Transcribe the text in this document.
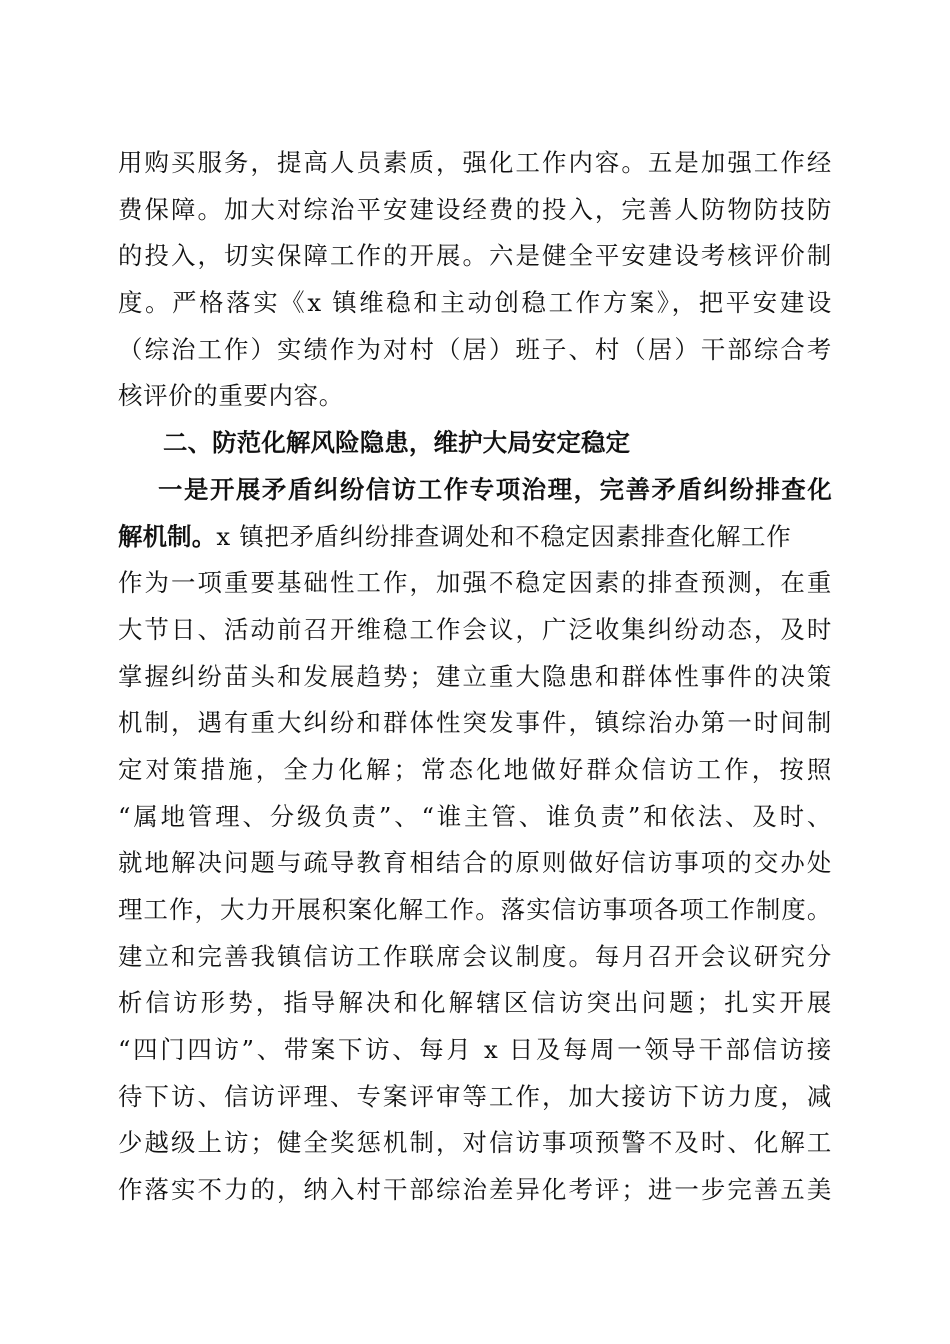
用购买服务，提高人员素质，强化工作内容。五是加强工作经
费保障。加大对综治平安建设经费的投入，完善人防物防技防
的投入，切实保障工作的开展。六是健全平安建设考核评价制
度。严格落实《x 镇维稳和主动创稳工作方案》，把平安建设
（综治工作）实绩作为对村（居）班子、村（居）干部综合考
核评价的重要内容。
二、防范化解风险隐患，维护大局安定稳定
一是开展矛盾纠纷信访工作专项治理，完善矛盾纠纷排查化
解机制。x 镇把矛盾纠纷排查调处和不稳定因素排查化解工作
作为一项重要基础性工作，加强不稳定因素的排查预测，在重
大节日、活动前召开维稳工作会议，广泛收集纠纷动态，及时
掌握纠纷苗头和发展趋势；建立重大隐患和群体性事件的决策
机制，遇有重大纠纷和群体性突发事件，镇综治办第一时间制
定对策措施，全力化解；常态化地做好群众信访工作，按照
“属地管理、分级负责”、“谁主管、谁负责”和依法、及时、
就地解决问题与疏导教育相结合的原则做好信访事项的交办处
理工作，大力开展积案化解工作。落实信访事项各项工作制度。
建立和完善我镇信访工作联席会议制度。每月召开会议研究分
析信访形势，指导解决和化解辖区信访突出问题；扎实开展
“四门四访”、带案下访、每月 x 日及每周一领导干部信访接
待下访、信访评理、专案评审等工作，加大接访下访力度，减
少越级上访；健全奖惩机制，对信访事项预警不及时、化解工
作落实不力的，纳入村干部综治差异化考评；进一步完善五美
